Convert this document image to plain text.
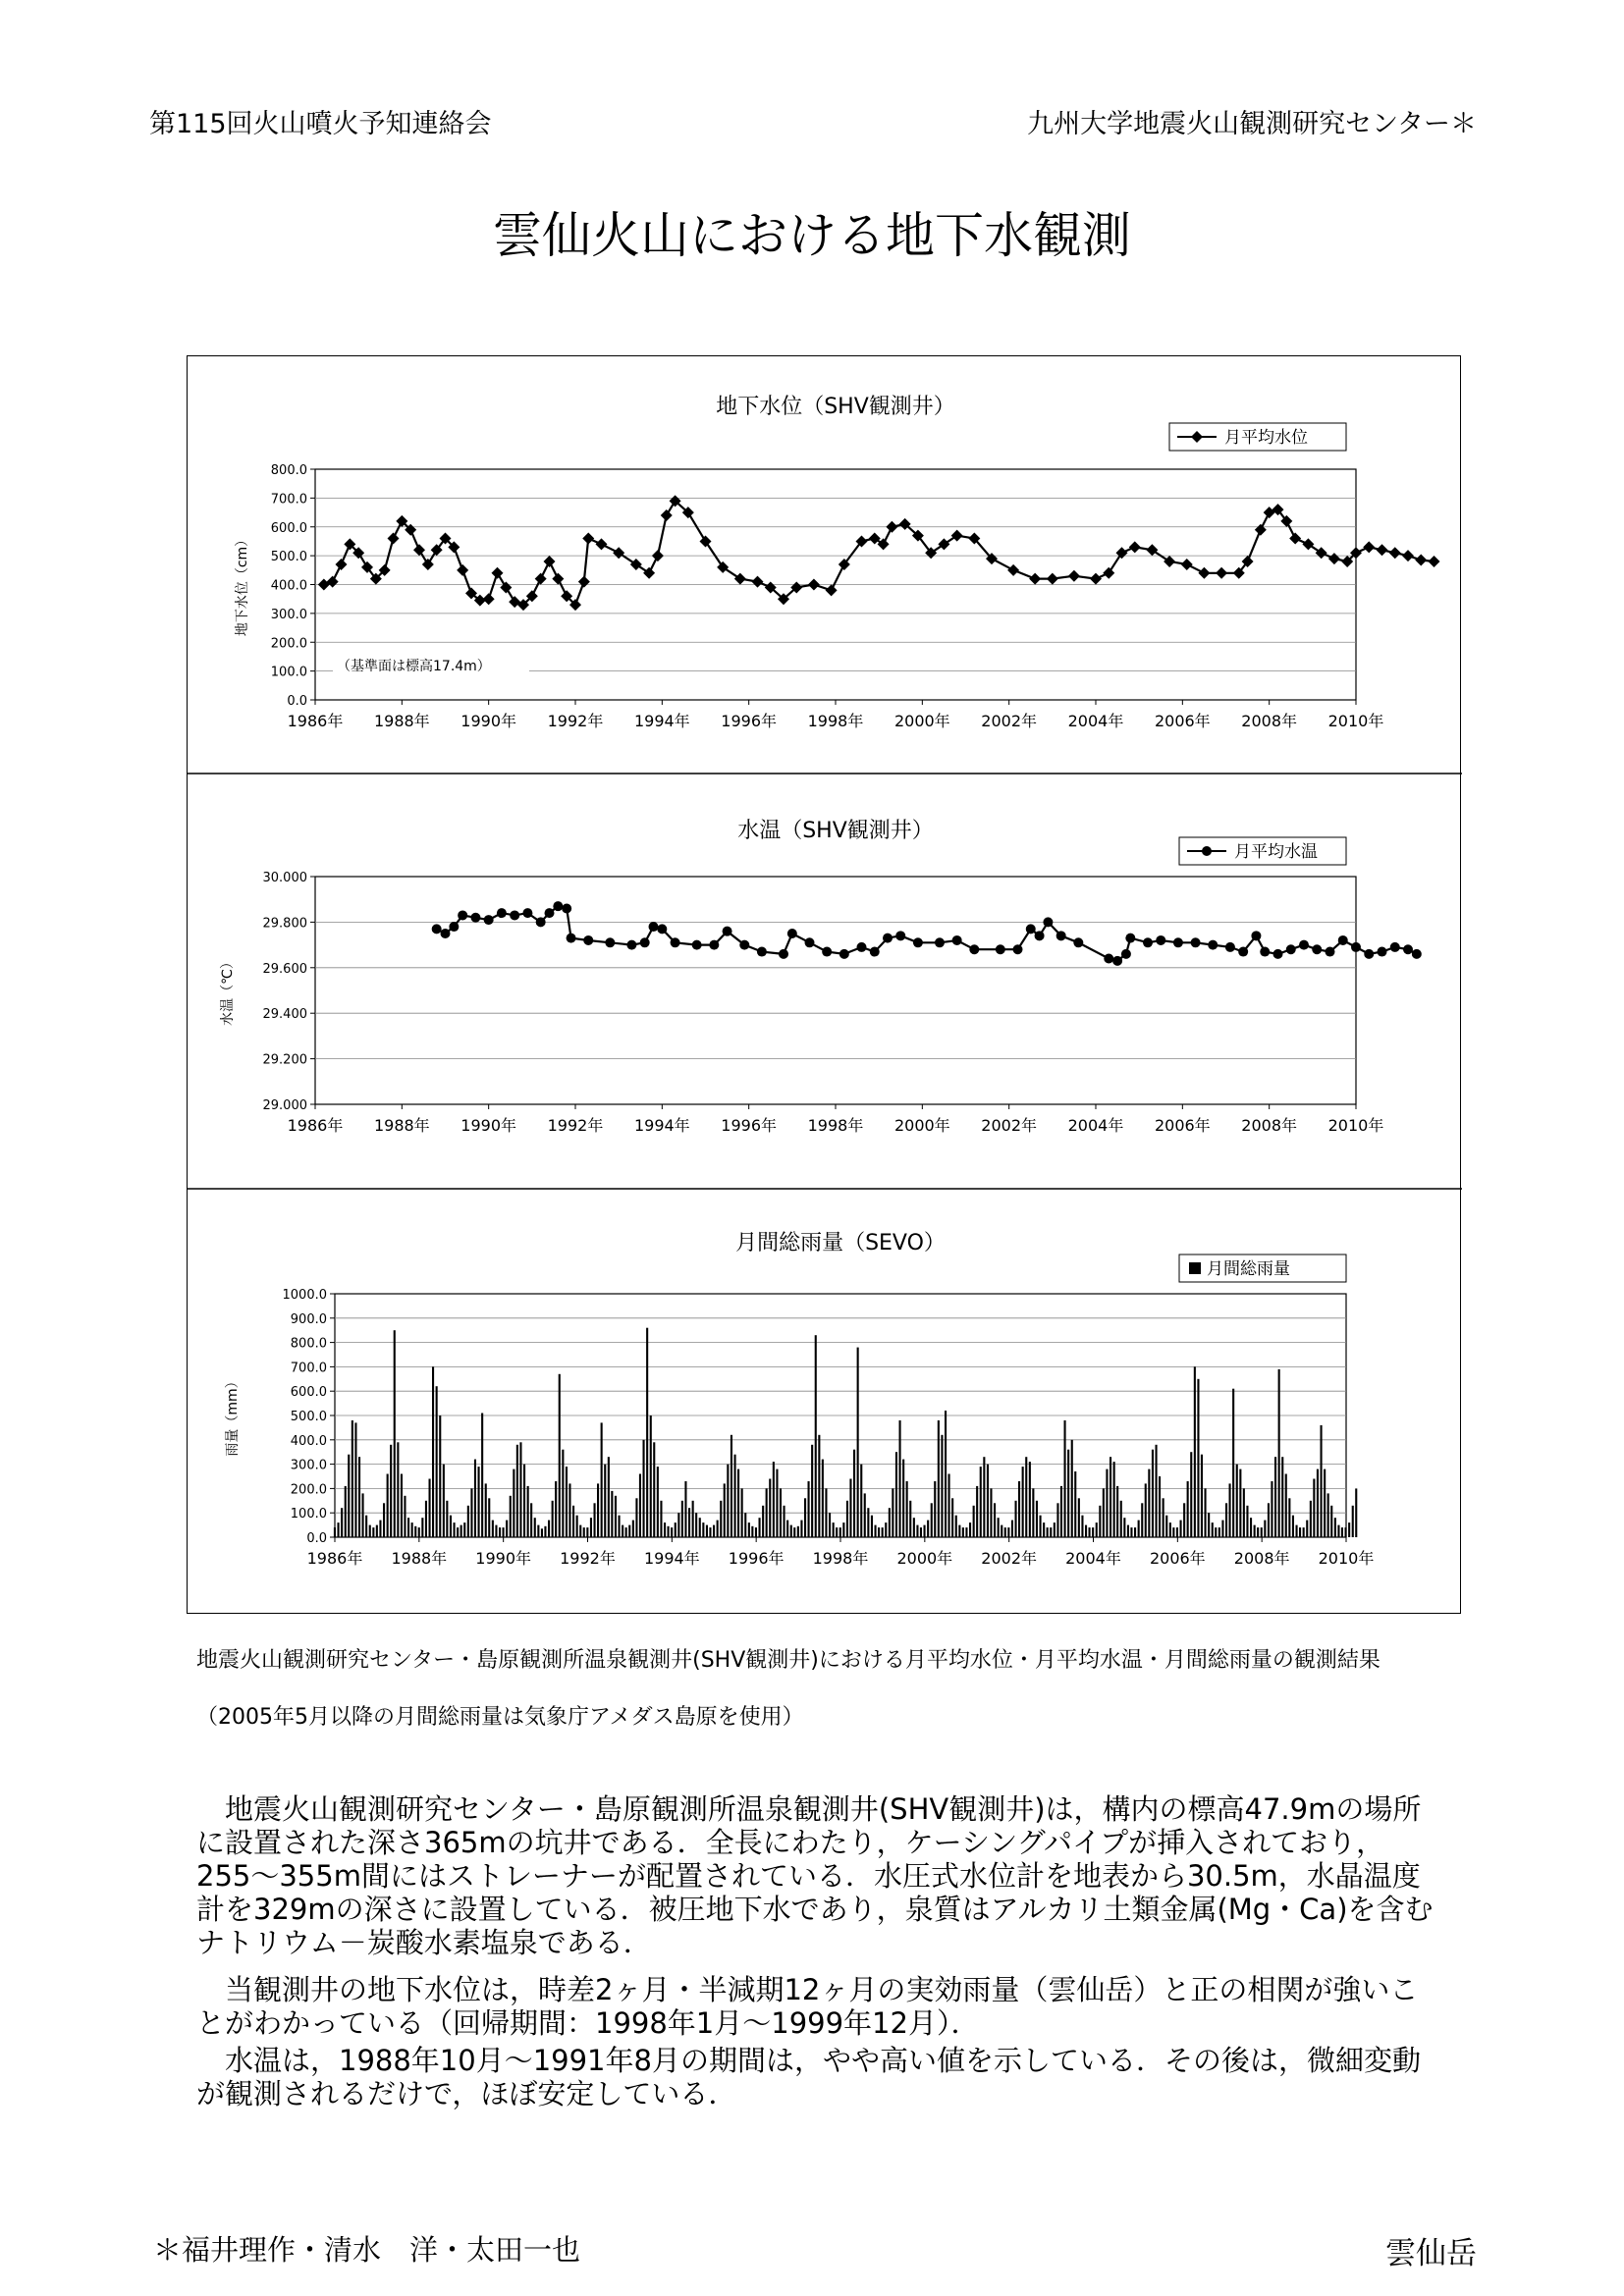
第115回火山噴火予知連絡会	九州大学地震火山観測研究センター＊
雲仙火山における地下水観測
地下水位（SHV観測井）
0.0
100.0
200.0
300.0
400.0
500.0
600.0
700.0
800.0
1986年 1988年 1990年 1992年 1994年 1996年 1998年 2000年 2002年 2004年 2006年 2008年 2010年
地下水位（cm）
月平均水位
（基準面は標高17.4m）
水温（SHV観測井）
29.000
29.200
29.400
29.600
29.800
30.000
1986年 1988年 1990年 1992年 1994年 1996年 1998年 2000年 2002年 2004年 2006年 2008年 2010年
水温（℃）
月平均水温
月間総雨量（SEVO）
0.0
100.0
200.0
300.0
400.0
500.0
600.0
700.0
800.0
900.0
1000.0
1986年 1988年 1990年 1992年 1994年 1996年 1998年 2000年 2002年 2004年 2006年 2008年 2010年
雨量（mm）
月間総雨量
地震火山観測研究センター・島原観測所温泉観測井(SHV観測井)における月平均水位・月平均水温・月間総雨量の観測結果
（2005年5月以降の月間総雨量は気象庁アメダス島原を使用）
地震火山観測研究センター・島原観測所温泉観測井(SHV観測井)は，構内の標高47.9mの場所に設置された深さ365mの坑井である．全長にわたり，ケーシングパイプが挿入されており，255～355m間にはストレーナーが配置されている．水圧式水位計を地表から30.5m，水晶温度計を329mの深さに設置している．被圧地下水であり，泉質はアルカリ土類金属(Mg・Ca)を含むナトリウム－炭酸水素塩泉である．
当観測井の地下水位は，時差2ヶ月・半減期12ヶ月の実効雨量（雲仙岳）と正の相関が強いことがわかっている（回帰期間：1998年1月～1999年12月）．
水温は，1988年10月～1991年8月の期間は，やや高い値を示している．その後は，微細変動が観測されるだけで，ほぼ安定している．
＊福井理作・清水　洋・太田一也	雲仙岳
